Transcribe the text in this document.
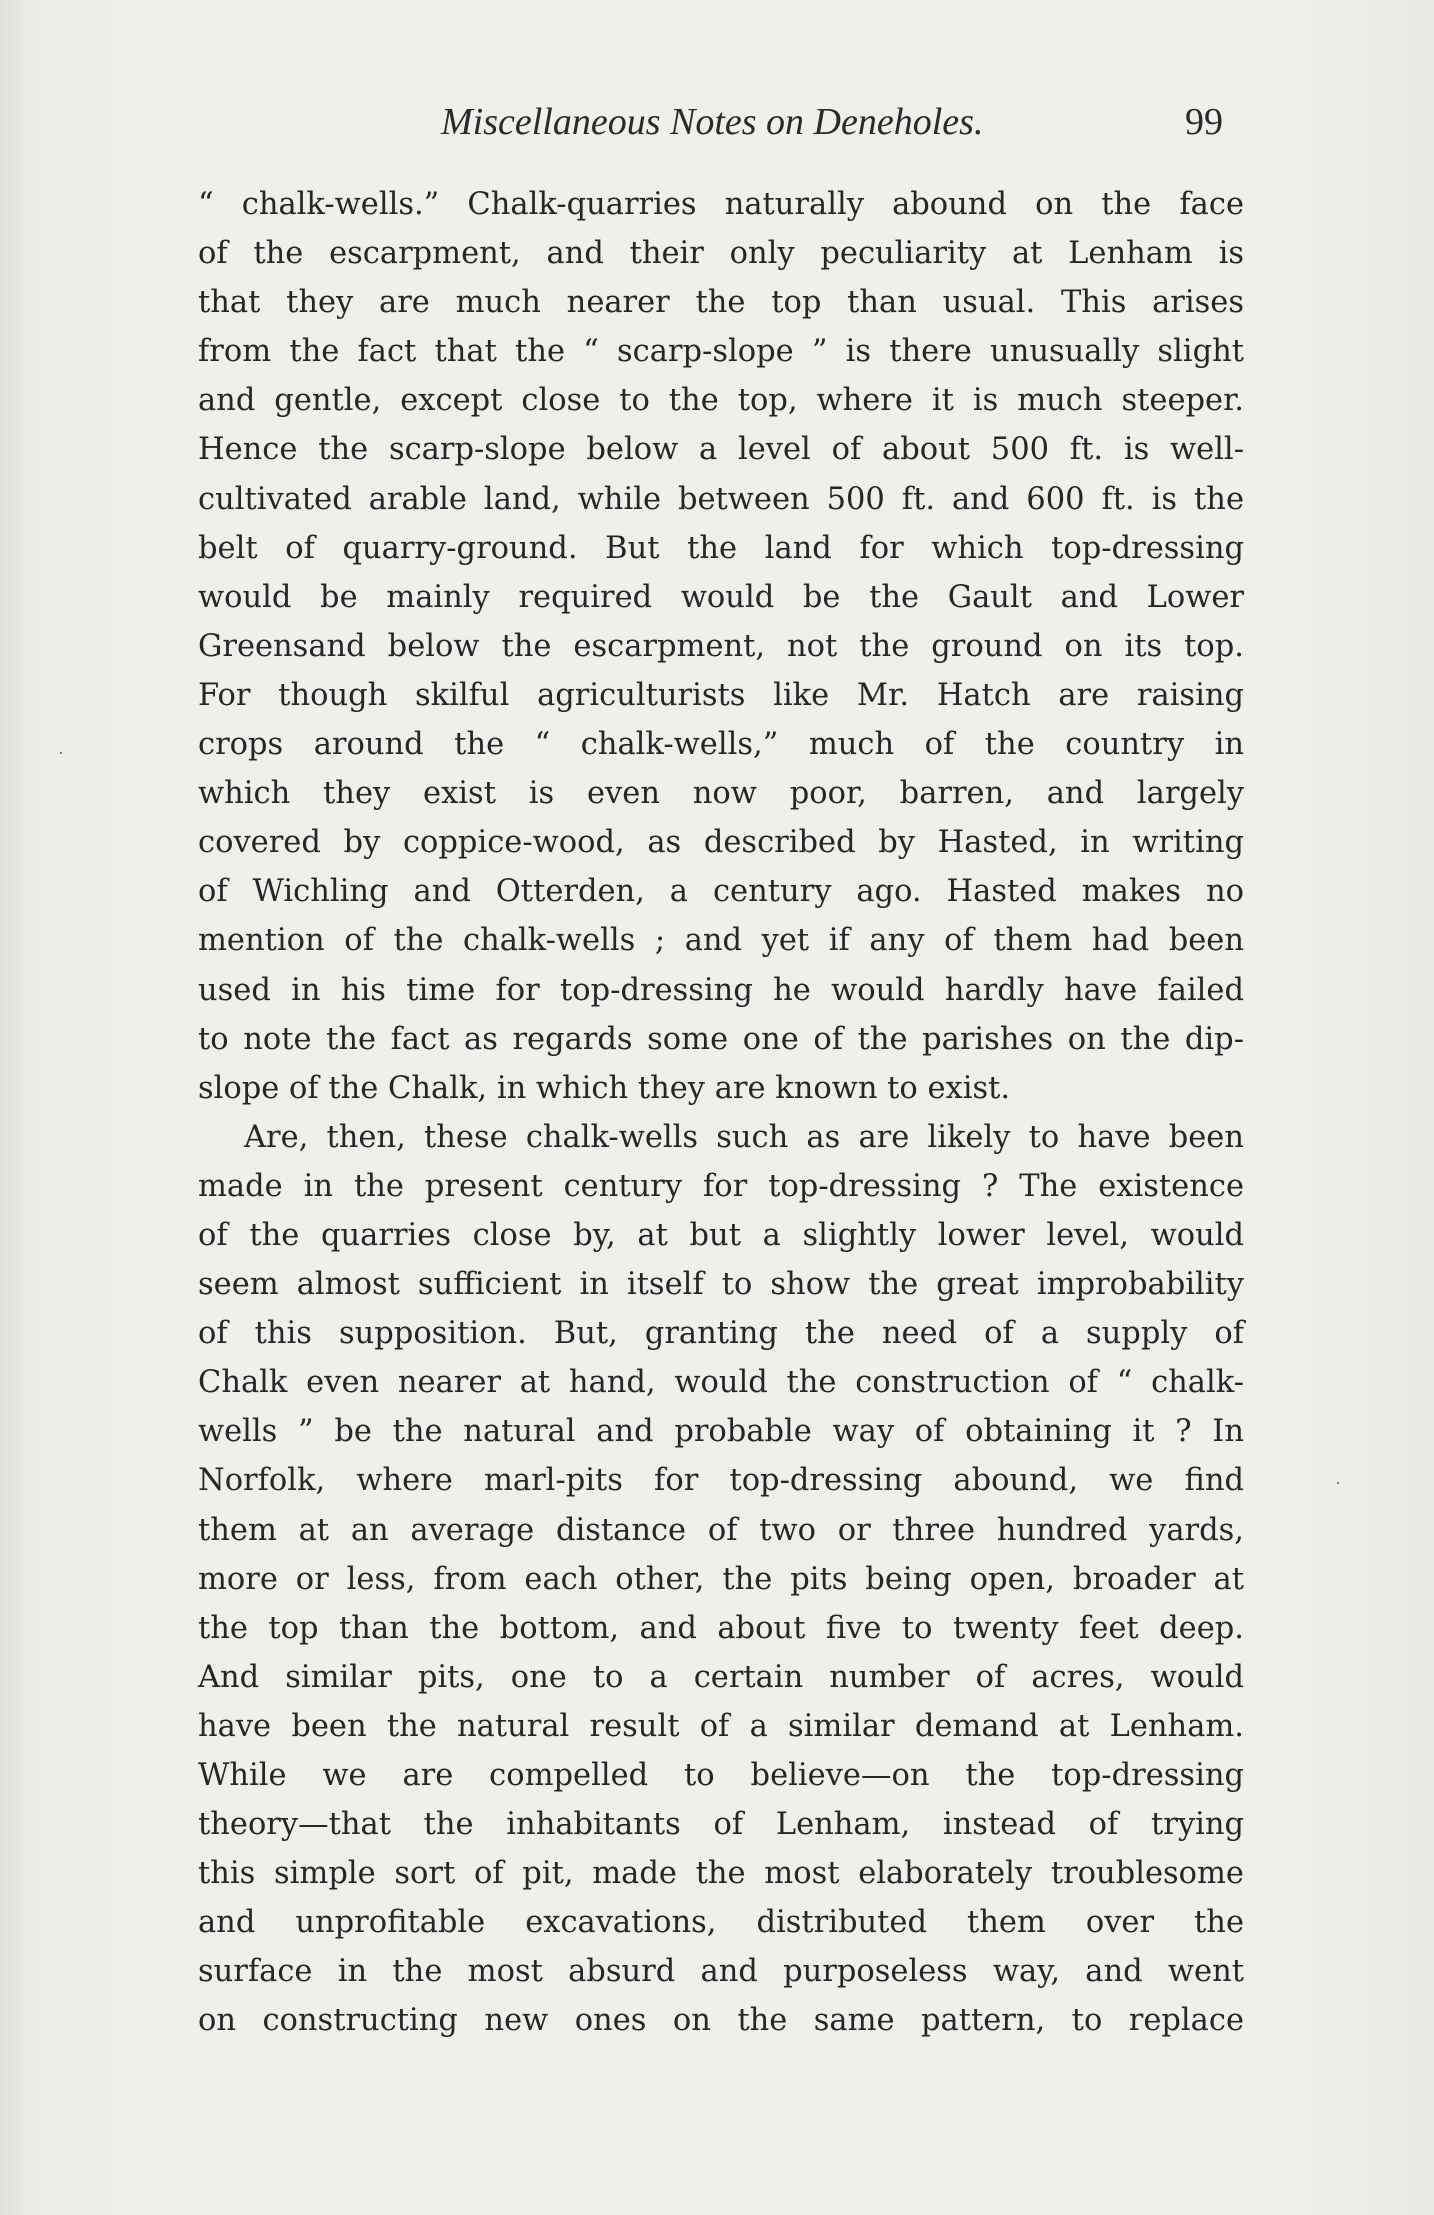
Miscellaneous Notes on Deneholes.	99
“ chalk-wells.” Chalk-quarries naturally abound on the face
of the escarpment, and their only peculiarity at Lenham is
that they are much nearer the top than usual. This arises
from the fact that the “ scarp-slope ” is there unusually slight
and gentle, except close to the top, where it is much steeper.
Hence the scarp-slope below a level of about 500 ft. is well-
cultivated arable land, while between 500 ft. and 600 ft. is the
belt of quarry-ground. But the land for which top-dressing
would be mainly required would be the Gault and Lower
Greensand below the escarpment, not the ground on its top.
For though skilful agriculturists like Mr. Hatch are raising
crops around the “ chalk-wells,” much of the country in
which they exist is even now poor, barren, and largely
covered by coppice-wood, as described by Hasted, in writing
of Wichling and Otterden, a century ago. Hasted makes no
mention of the chalk-wells ; and yet if any of them had been
used in his time for top-dressing he would hardly have failed
to note the fact as regards some one of the parishes on the dip-
slope of the Chalk, in which they are known to exist.
Are, then, these chalk-wells such as are likely to have been
made in the present century for top-dressing ? The existence
of the quarries close by, at but a slightly lower level, would
seem almost sufficient in itself to show the great improbability
of this supposition. But, granting the need of a supply of
Chalk even nearer at hand, would the construction of “ chalk-
wells ” be the natural and probable way of obtaining it ? In
Norfolk, where marl-pits for top-dressing abound, we find
them at an average distance of two or three hundred yards,
more or less, from each other, the pits being open, broader at
the top than the bottom, and about five to twenty feet deep.
And similar pits, one to a certain number of acres, would
have been the natural result of a similar demand at Lenham.
While we are compelled to believe—on the top-dressing
theory—that the inhabitants of Lenham, instead of trying
this simple sort of pit, made the most elaborately troublesome
and unprofitable excavations, distributed them over the
surface in the most absurd and purposeless way, and went
on constructing new ones on the same pattern, to replace
